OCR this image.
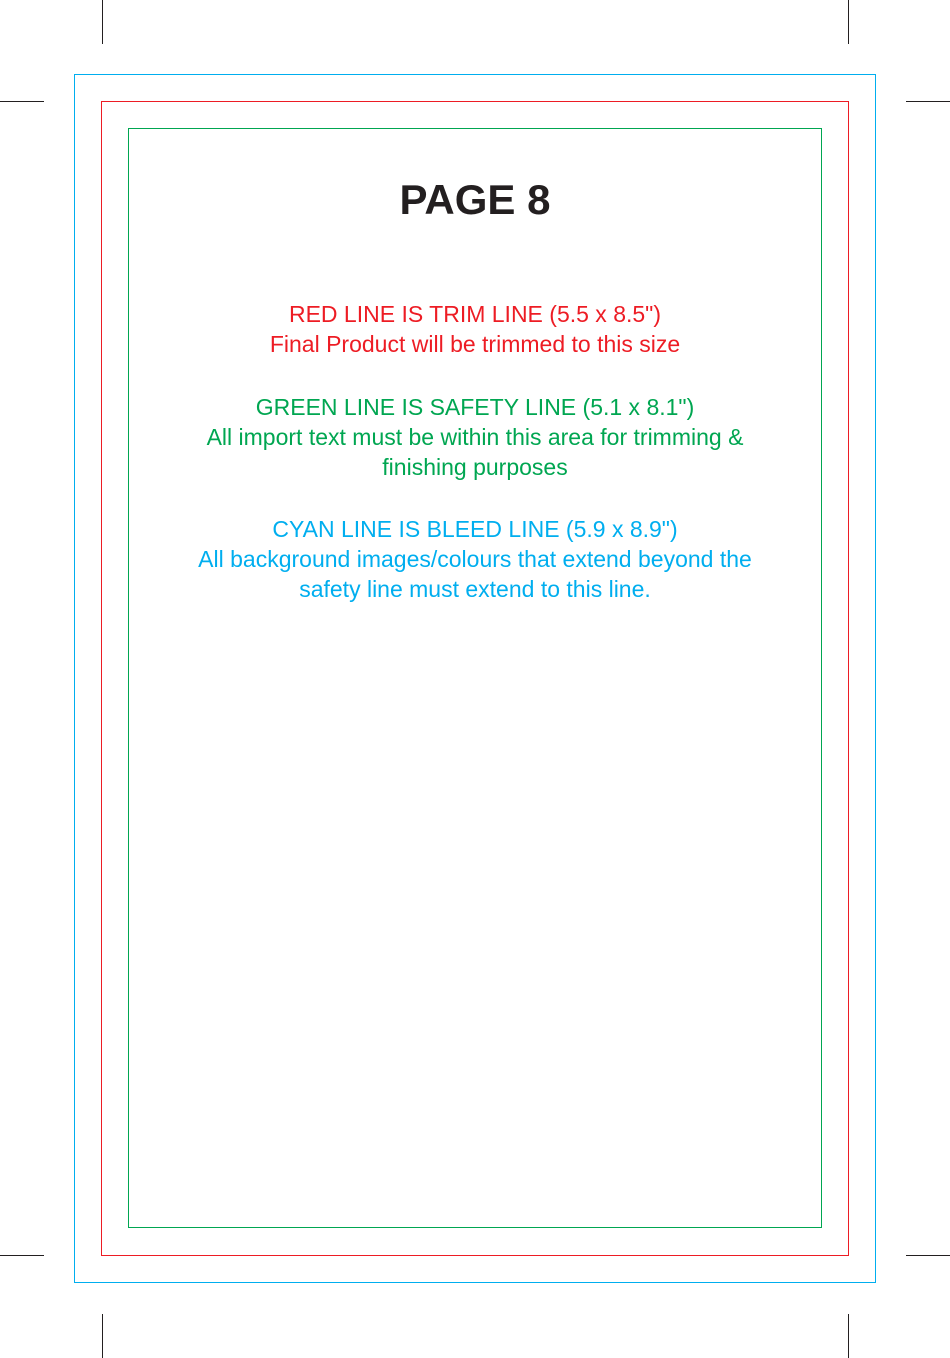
PAGE 8
RED LINE IS TRIM LINE (5.5 x 8.5")
Final Product will be trimmed to this size
GREEN LINE IS SAFETY LINE (5.1 x 8.1")
All import text must be within this area for trimming &
finishing purposes
CYAN LINE IS BLEED LINE (5.9 x 8.9")
All background images/colours that extend beyond the
safety line must extend to this line.
